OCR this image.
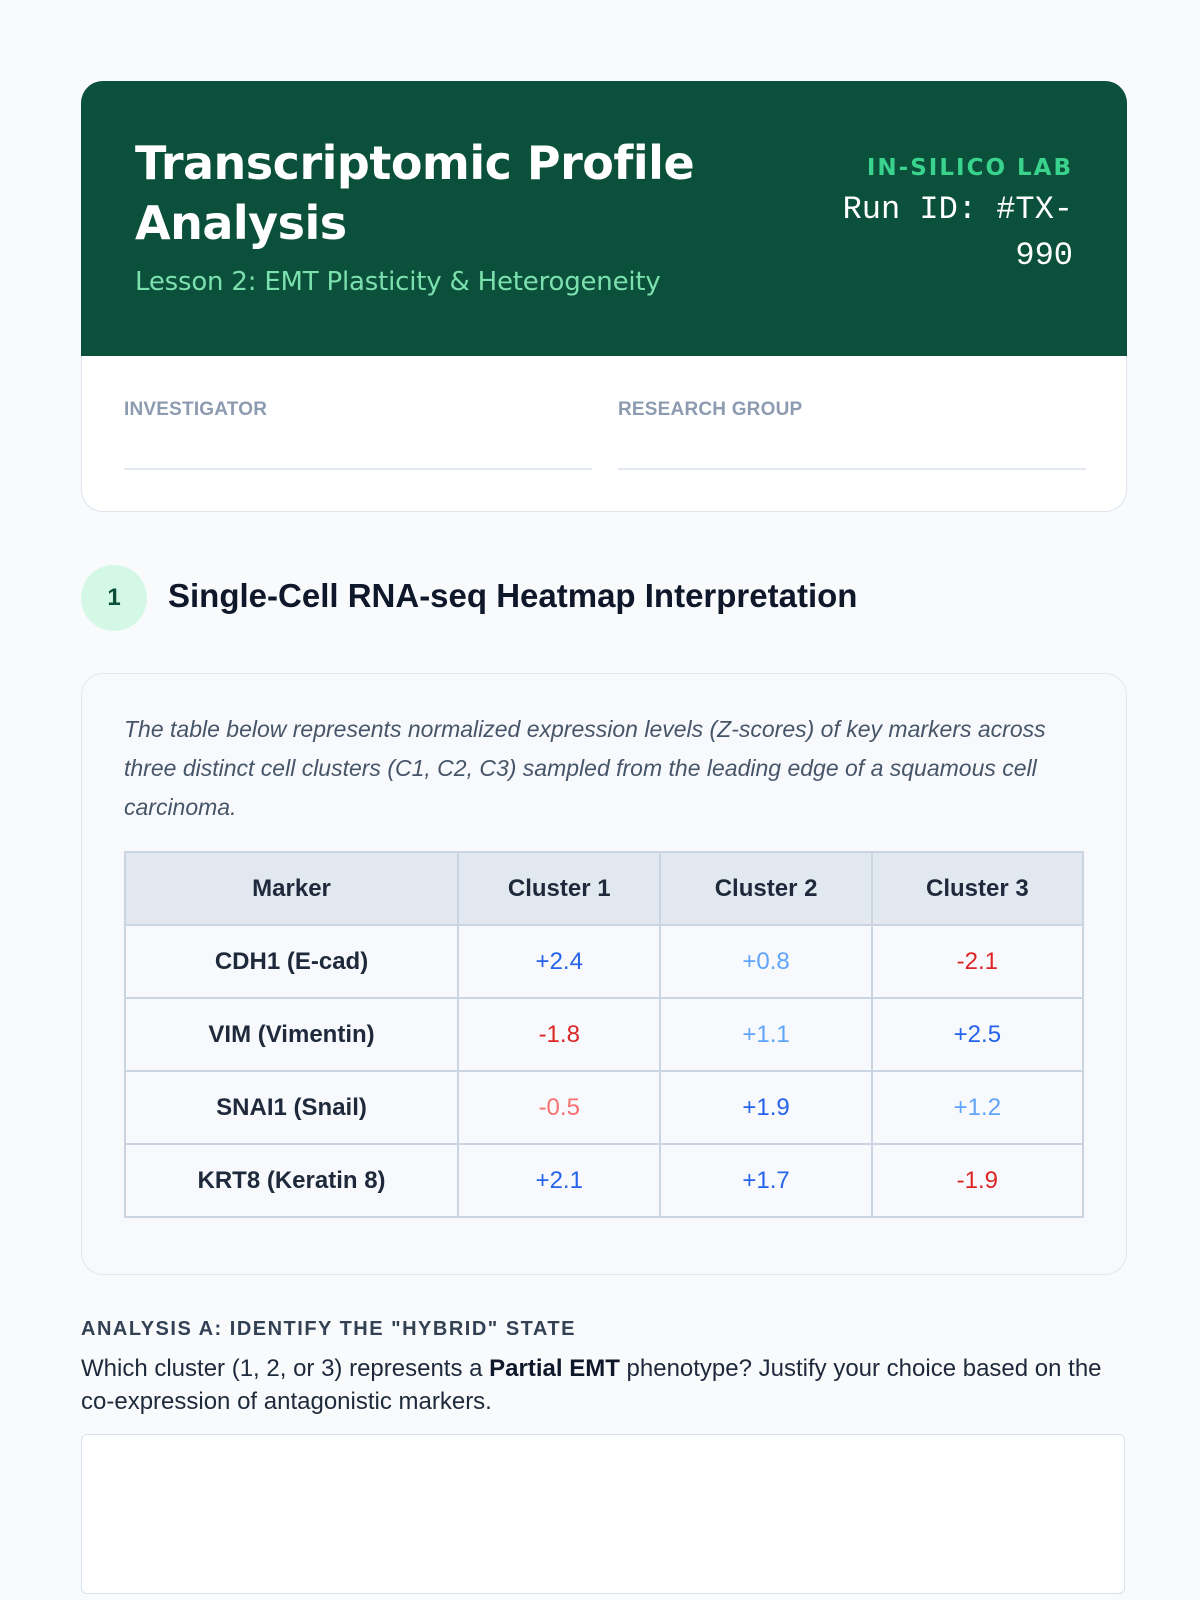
Transcriptomic Profile Analysis
Lesson 2: EMT Plasticity & Heterogeneity
IN-SILICO LAB
Run ID: #TX-990
INVESTIGATOR	RESEARCH GROUP
1	Single-Cell RNA-seq Heatmap Interpretation

The table below represents normalized expression levels (Z-scores) of key markers across three distinct cell clusters (C1, C2, C3) sampled from the leading edge of a squamous cell carcinoma.

Marker	Cluster 1	Cluster 2	Cluster 3
CDH1 (E-cad)	+2.4	+0.8	-2.1
VIM (Vimentin)	-1.8	+1.1	+2.5
SNAI1 (Snail)	-0.5	+1.9	+1.2
KRT8 (Keratin 8)	+2.1	+1.7	-1.9
ANALYSIS A: IDENTIFY THE "HYBRID" STATE

Which cluster (1, 2, or 3) represents a Partial EMT phenotype? Justify your choice based on the co-expression of antagonistic markers.
